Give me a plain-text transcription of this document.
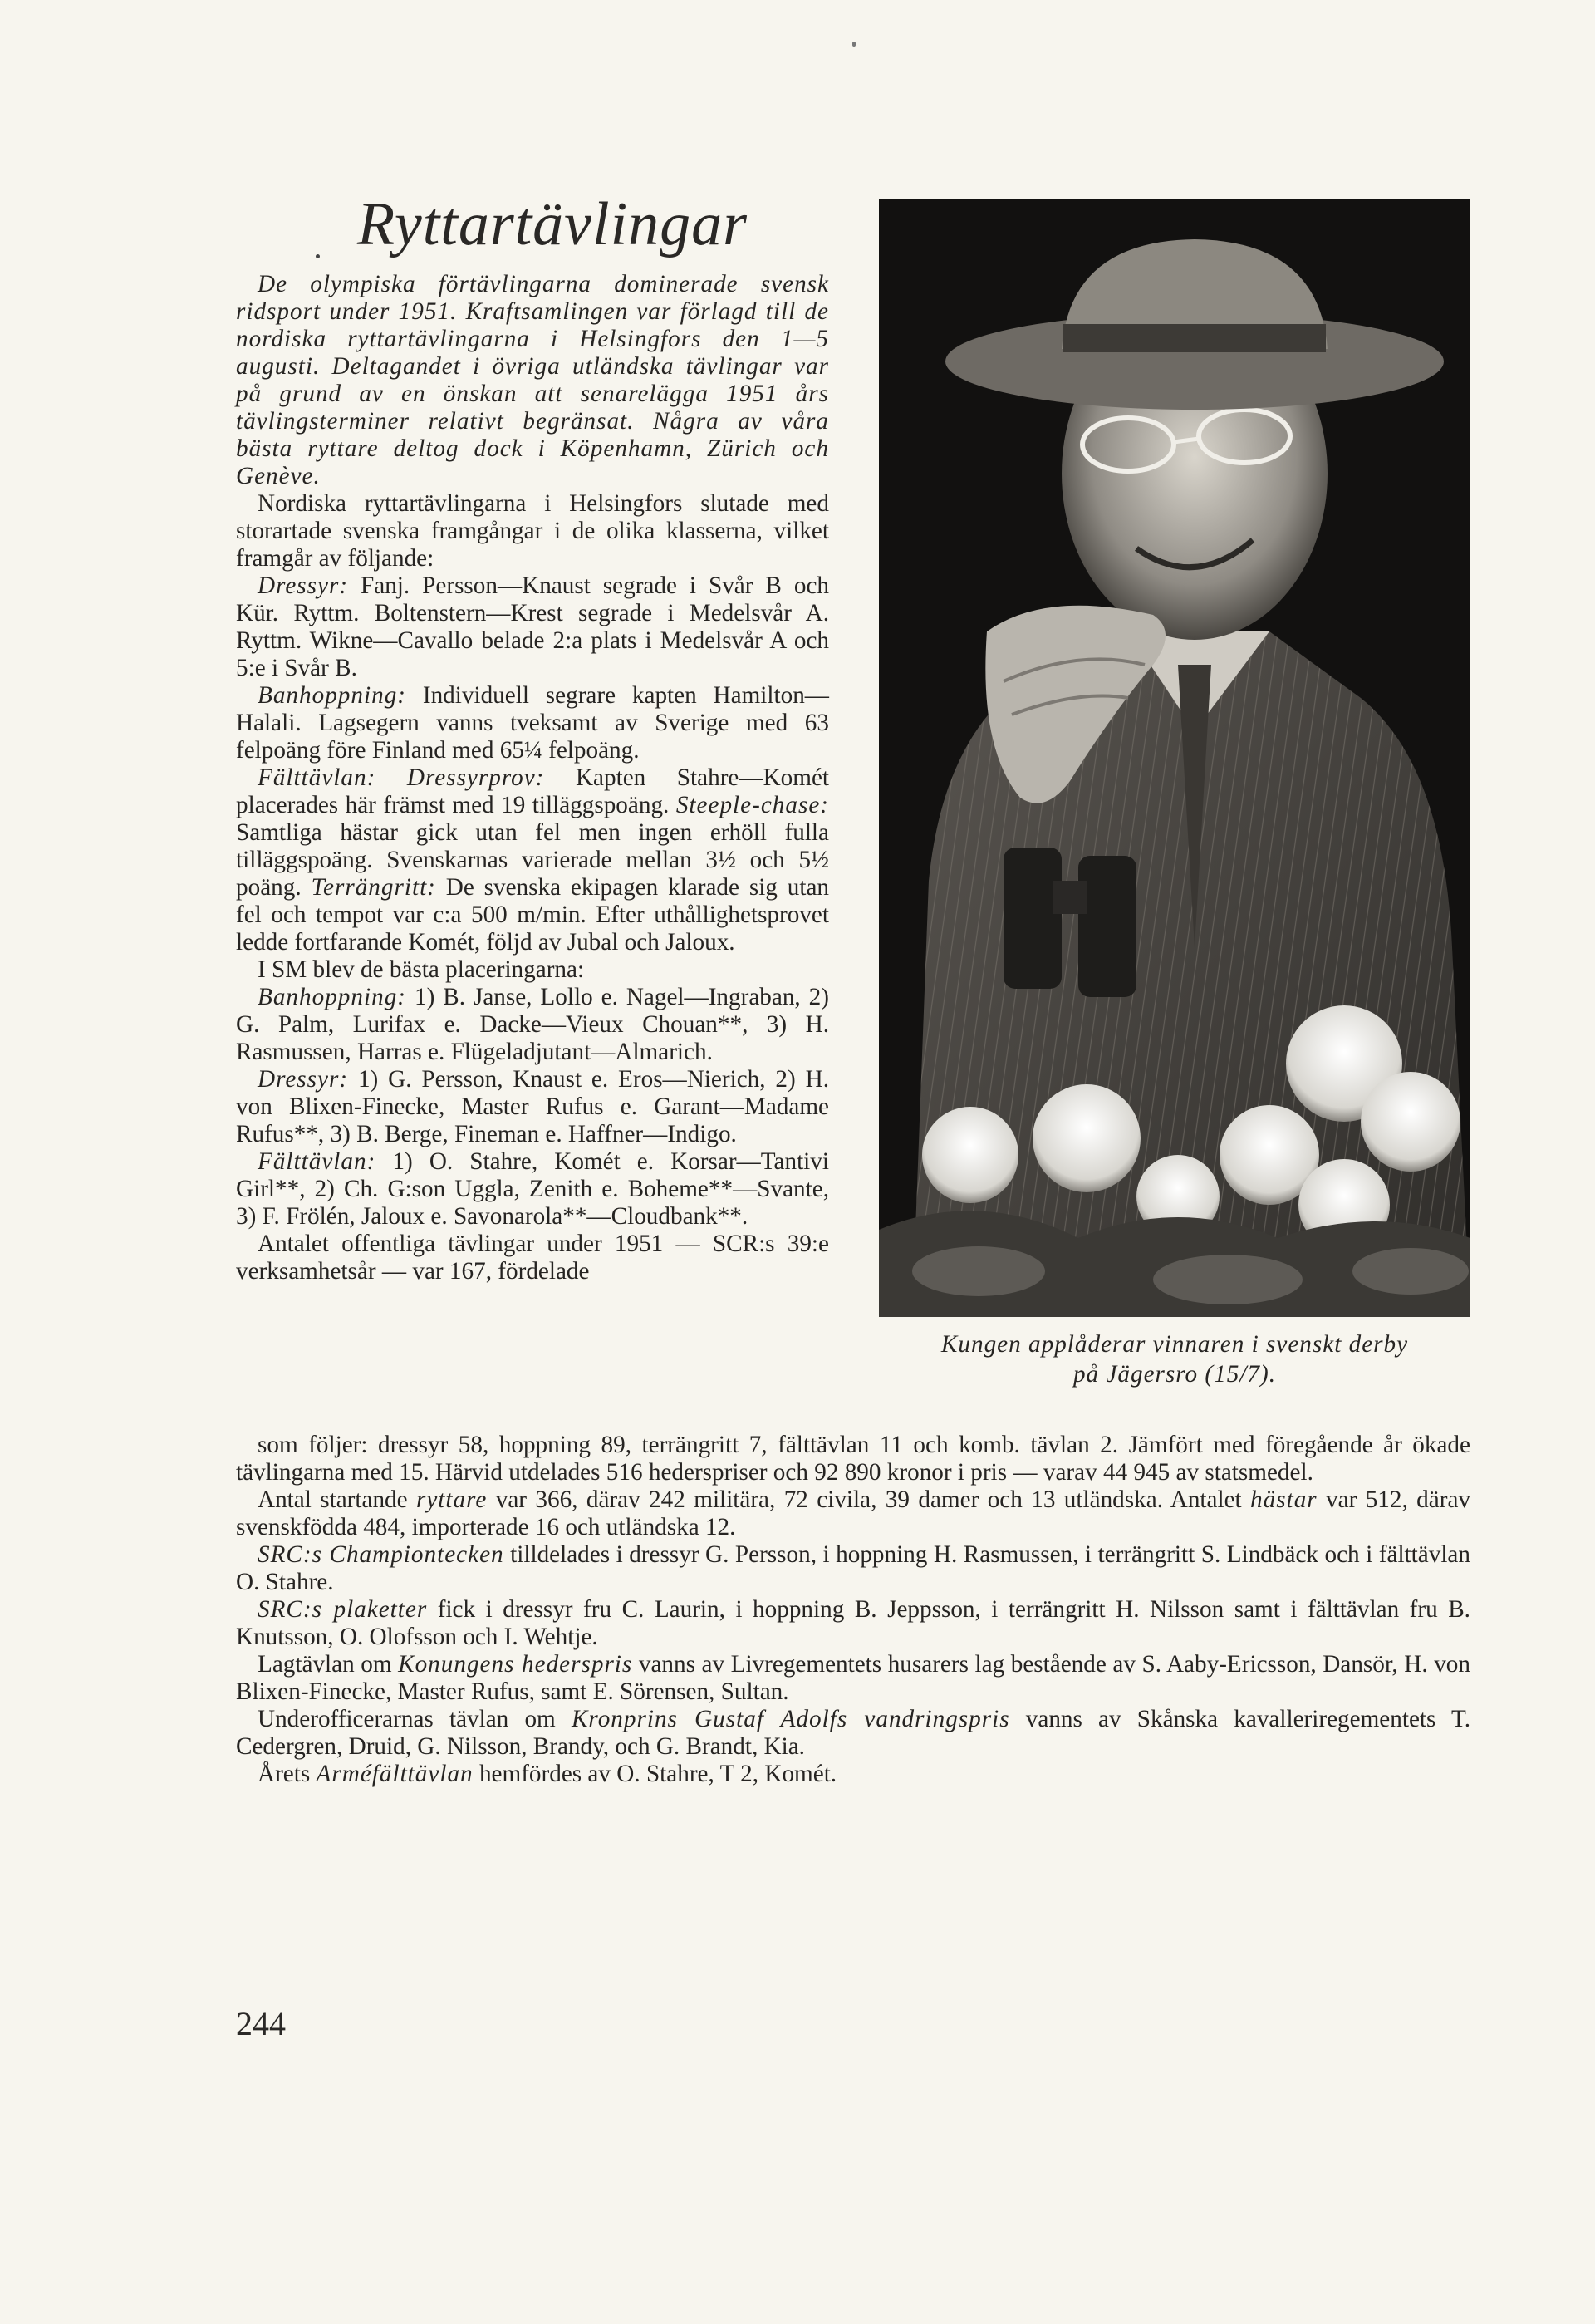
Ryttartävlingar

De olympiska förtävlingarna dominerade svensk ridsport under 1951. Kraftsamlingen var förlagd till de nordiska ryttartävlingarna i Helsingfors den 1—5 augusti. Deltagandet i övriga utländska tävlingar var på grund av en önskan att senarelägga 1951 års tävlingsterminer relativt begränsat. Några av våra bästa ryttare deltog dock i Köpenhamn, Zürich och Genève.

Nordiska ryttartävlingarna i Helsingfors slutade med storartade svenska framgångar i de olika klasserna, vilket framgår av följande:

Dressyr: Fanj. Persson—Knaust segrade i Svår B och Kür. Ryttm. Boltenstern—Krest segrade i Medelsvår A. Ryttm. Wikne—Cavallo belade 2:a plats i Medelsvår A och 5:e i Svår B.

Banhoppning: Individuell segrare kapten Hamilton—Halali. Lagsegern vanns tveksamt av Sverige med 63 felpoäng före Finland med 65¼ felpoäng.

Fälttävlan: Dressyrprov: Kapten Stahre—Komét placerades här främst med 19 tilläggspoäng. Steeple-chase: Samtliga hästar gick utan fel men ingen erhöll fulla tilläggspoäng. Svenskarnas varierade mellan 3½ och 5½ poäng. Terrängritt: De svenska ekipagen klarade sig utan fel och tempot var c:a 500 m/min. Efter uthållighetsprovet ledde fortfarande Komét, följd av Jubal och Jaloux.

I SM blev de bästa placeringarna:

Banhoppning: 1) B. Janse, Lollo e. Nagel—Ingraban, 2) G. Palm, Lurifax e. Dacke—Vieux Chouan**, 3) H. Rasmussen, Harras e. Flügeladjutant—Almarich.

Dressyr: 1) G. Persson, Knaust e. Eros—Nierich, 2) H. von Blixen-Finecke, Master Rufus e. Garant—Madame Rufus**, 3) B. Berge, Fineman e. Haffner—Indigo.

Fälttävlan: 1) O. Stahre, Komét e. Korsar—Tantivi Girl**, 2) Ch. G:son Uggla, Zenith e. Boheme**—Svante, 3) F. Frölén, Jaloux e. Savonarola**—Cloudbank**.

Antalet offentliga tävlingar under 1951 — SCR:s 39:e verksamhetsår — var 167, fördelade

Kungen applåderar vinnaren i svenskt derby
på Jägersro (15/7).

som följer: dressyr 58, hoppning 89, terrängritt 7, fälttävlan 11 och komb. tävlan 2. Jämfört med föregående år ökade tävlingarna med 15. Härvid utdelades 516 hederspriser och 92 890 kronor i pris — varav 44 945 av statsmedel.

Antal startande ryttare var 366, därav 242 militära, 72 civila, 39 damer och 13 utländska. Antalet hästar var 512, därav svenskfödda 484, importerade 16 och utländska 12.

SRC:s Championtecken tilldelades i dressyr G. Persson, i hoppning H. Rasmussen, i terrängritt S. Lindbäck och i fälttävlan O. Stahre.

SRC:s plaketter fick i dressyr fru C. Laurin, i hoppning B. Jeppsson, i terrängritt H. Nilsson samt i fälttävlan fru B. Knutsson, O. Olofsson och I. Wehtje.

Lagtävlan om Konungens hederspris vanns av Livregementets husarers lag bestående av S. Aaby-Ericsson, Dansör, H. von Blixen-Finecke, Master Rufus, samt E. Sörensen, Sultan.

Underofficerarnas tävlan om Kronprins Gustaf Adolfs vandringspris vanns av Skånska kavalleriregementets T. Cedergren, Druid, G. Nilsson, Brandy, och G. Brandt, Kia.

Årets Arméfälttävlan hemfördes av O. Stahre, T 2, Komét.

244
